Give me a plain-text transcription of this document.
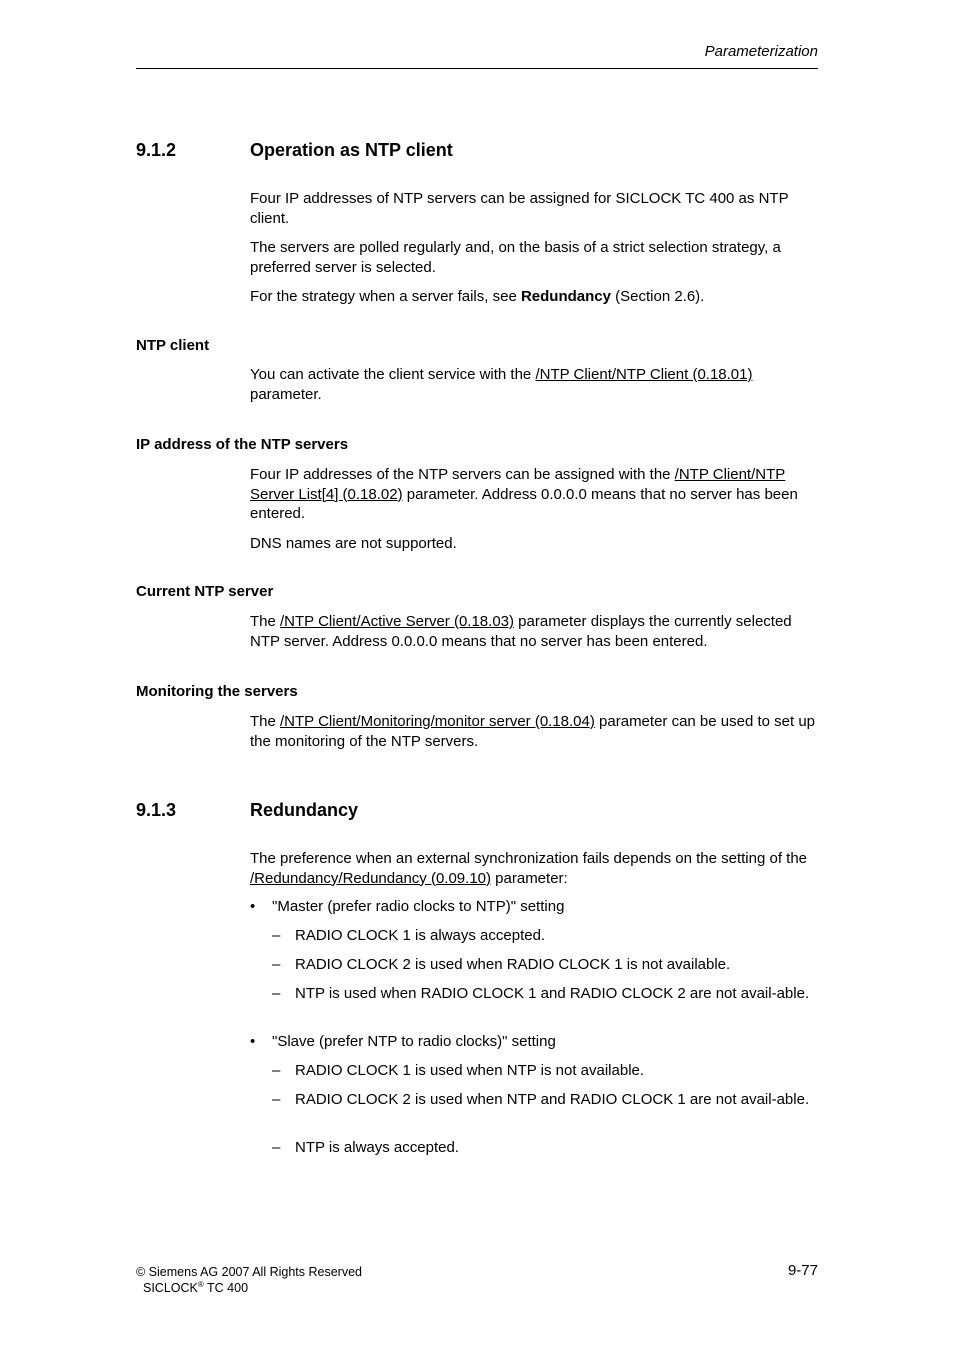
Parameterization
9.1.2	Operation as NTP client

Four IP addresses of NTP servers can be assigned for SICLOCK TC 400 as NTP client.

The servers are polled regularly and, on the basis of a strict selection strategy, a preferred server is selected.

For the strategy when a server fails, see Redundancy (Section 2.6).

NTP client

You can activate the client service with the /NTP Client/NTP Client (0.18.01) parameter.

IP address of the NTP servers

Four IP addresses of the NTP servers can be assigned with the /NTP Client/NTP Server List[4] (0.18.02) parameter. Address 0.0.0.0 means that no server has been entered.

DNS names are not supported.

Current NTP server

The /NTP Client/Active Server (0.18.03) parameter displays the currently selected NTP server. Address 0.0.0.0 means that no server has been entered.

Monitoring the servers

The /NTP Client/Monitoring/monitor server (0.18.04) parameter can be used to set up the monitoring of the NTP servers.

9.1.3	Redundancy

The preference when an external synchronization fails depends on the setting of the /Redundancy/Redundancy (0.09.10) parameter:

• "Master (prefer radio clocks to NTP)" setting
– RADIO CLOCK 1 is always accepted.
– RADIO CLOCK 2 is used when RADIO CLOCK 1 is not available.
– NTP is used when RADIO CLOCK 1 and RADIO CLOCK 2 are not avail-able.
• "Slave (prefer NTP to radio clocks)" setting
– RADIO CLOCK 1 is used when NTP is not available.
– RADIO CLOCK 2 is used when NTP and RADIO CLOCK 1 are not avail-able.
– NTP is always accepted.
© Siemens AG 2007 All Rights Reserved
SICLOCK® TC 400
9-77
